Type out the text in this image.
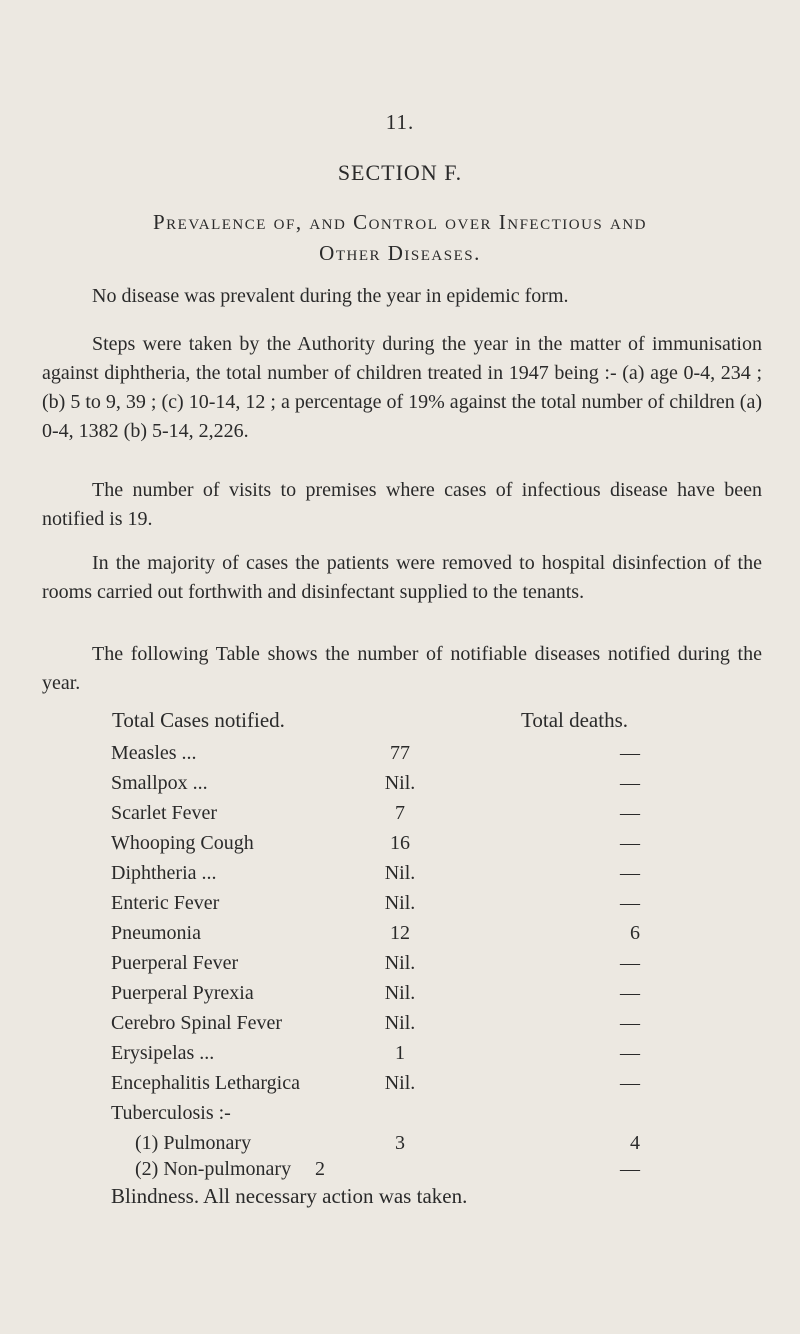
11.
SECTION F.
Prevalence of, and Control over Infectious and
Other Diseases.
No disease was prevalent during the year in epidemic form.
Steps were taken by the Authority during the year in the matter of immunisation against diphtheria, the total number of children treated in 1947 being :- (a) age 0-4, 234 ; (b) 5 to 9, 39 ; (c) 10-14, 12 ; a percentage of 19% against the total number of children (a) 0-4, 1382 (b) 5-14, 2,226.
The number of visits to premises where cases of infectious disease have been notified is 19.
In the majority of cases the patients were removed to hospital disinfection of the rooms carried out forthwith and disinfectant supplied to the tenants.
The following Table shows the number of notifiable diseases notified during the year.
Total Cases notified.	Total deaths.
Measles ...	77	—
Smallpox ...	Nil.	—
Scarlet Fever	7	—
Whooping Cough	16	—
Diphtheria ...	Nil.	—
Enteric Fever	Nil.	—
Pneumonia	12	6
Puerperal Fever	Nil.	—
Puerperal Pyrexia	Nil.	—
Cerebro Spinal Fever	Nil.	—
Erysipelas ...	1	—
Encephalitis Lethargica	Nil.	—
Tuberculosis :-
(1) Pulmonary	3	4
(2) Non-pulmonary	2	—
Blindness. All necessary action was taken.
